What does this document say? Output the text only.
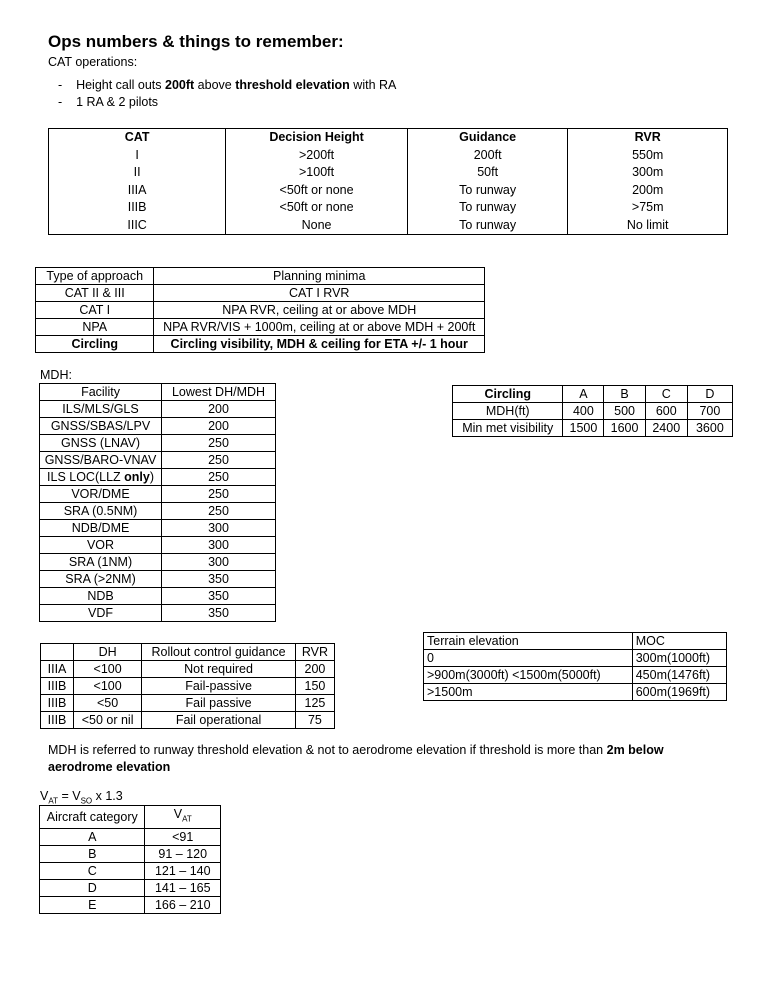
Ops numbers & things to remember:
CAT operations:
-    Height call outs 200ft above threshold elevation with RA
-    1 RA & 2 pilots
CAT	Decision Height	Guidance	RVR
I	>200ft	200ft	550m
II	>100ft	50ft	300m
IIIA	<50ft or none	To runway	200m
IIIB	<50ft or none	To runway	>75m
IIIC	None	To runway	No limit
Type of approach	Planning minima
CAT II & III	CAT I RVR
CAT I	NPA RVR, ceiling at or above MDH
NPA	NPA RVR/VIS + 1000m, ceiling at or above MDH + 200ft
Circling	Circling visibility, MDH & ceiling for ETA +/- 1 hour
MDH:
Facility	Lowest DH/MDH
ILS/MLS/GLS	200
GNSS/SBAS/LPV	200
GNSS (LNAV)	250
GNSS/BARO-VNAV	250
ILS LOC(LLZ only)	250
VOR/DME	250
SRA (0.5NM)	250
NDB/DME	300
VOR	300
SRA (1NM)	300
SRA (>2NM)	350
NDB	350
VDF	350
Circling	A	B	C	D
MDH(ft)	400	500	600	700
Min met visibility	1500	1600	2400	3600
	DH	Rollout control guidance	RVR
IIIA	<100	Not required	200
IIIB	<100	Fail-passive	150
IIIB	<50	Fail passive	125
IIIB	<50 or nil	Fail operational	75
Terrain elevation	MOC
0	300m(1000ft)
>900m(3000ft) <1500m(5000ft)	450m(1476ft)
>1500m	600m(1969ft)
MDH is referred to runway threshold elevation & not to aerodrome elevation if threshold is more than 2m below aerodrome elevation
$V_{AT} = V_{SO}$ x 1.3
Aircraft category	$V_{AT}$
A	<91
B	91 – 120
C	121 – 140
D	141 – 165
E	166 – 210
